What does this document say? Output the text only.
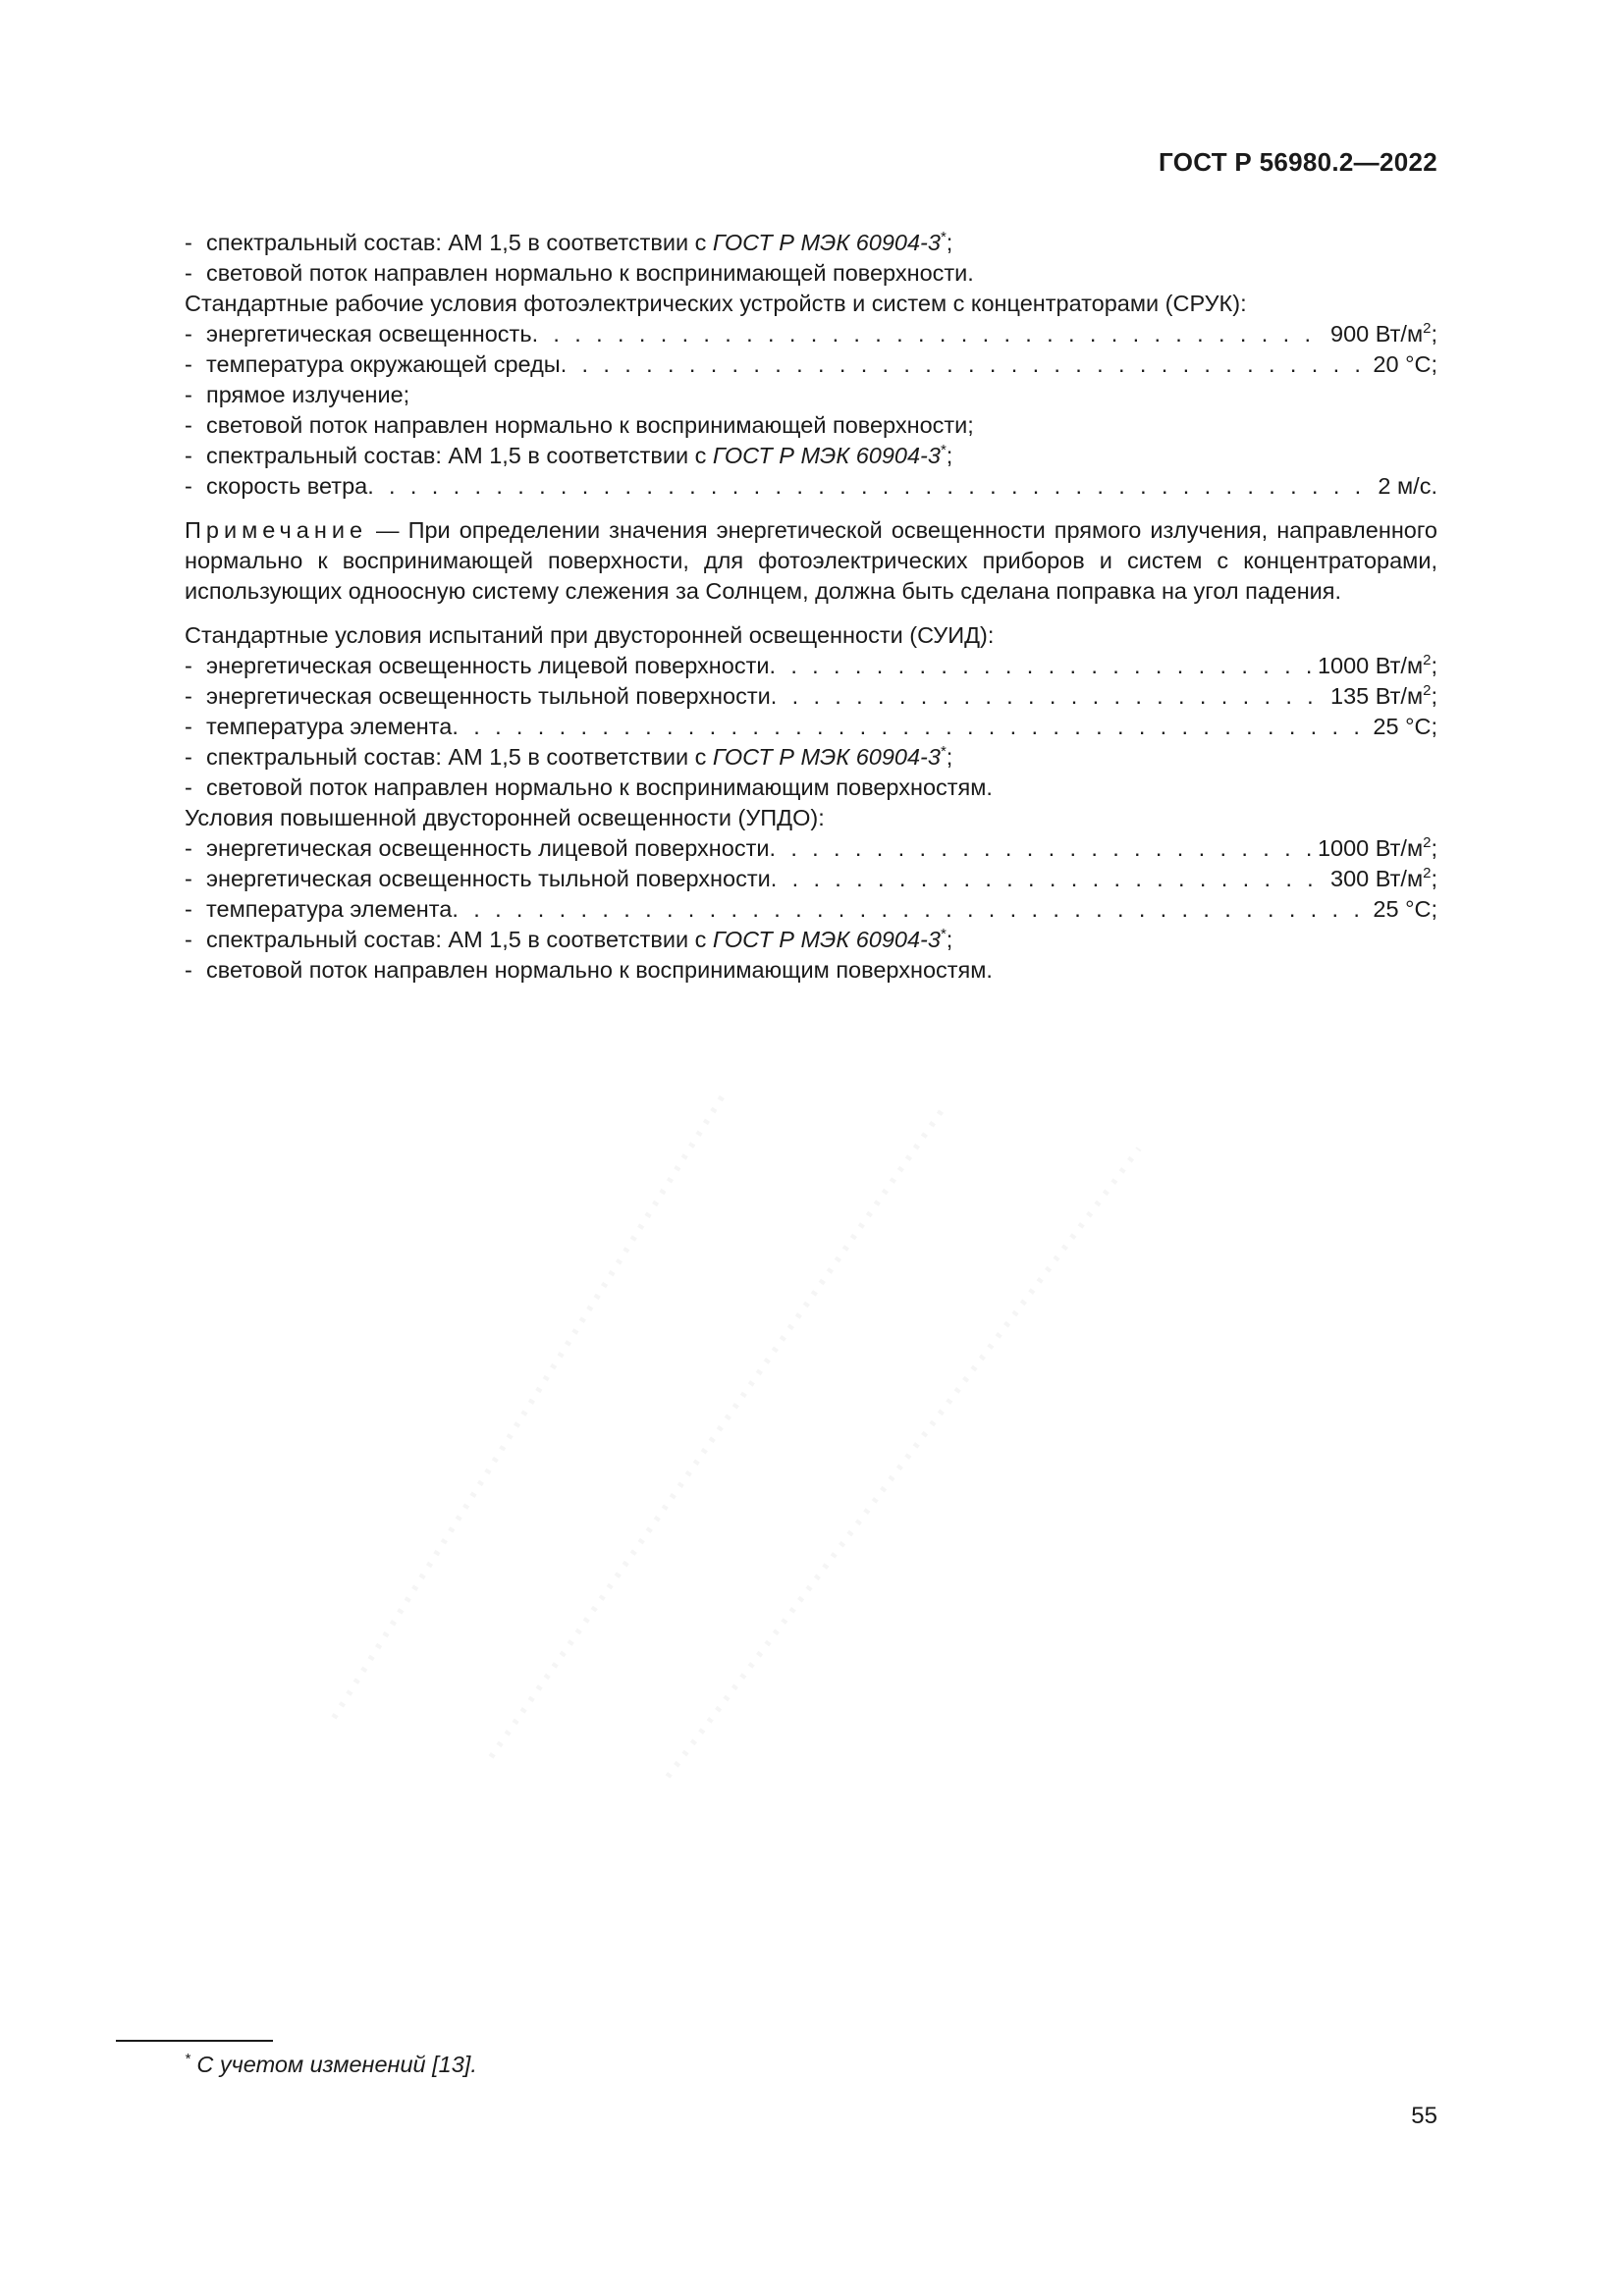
ГОСТ Р 56980.2—2022
-спектральный состав: АМ 1,5 в соответствии с ГОСТ Р МЭК 60904-3*;
-световой поток направлен нормально к воспринимающей поверхности.
Стандартные рабочие условия фотоэлектрических устройств и систем с концентраторами (СРУК):
- энергетическая освещенность . . .	900 $Вт/м^2$;
- температура окружающей среды . . .	20 °C;
- прямое излучение;
- световой поток направлен нормально к воспринимающей поверхности;
- спектральный состав: АМ 1,5 в соответствии с ГОСТ Р МЭК 60904-3*;
- скорость ветра . . .	2 м/с.
Примечание — При определении значения энергетической освещенности прямого излучения, направленного нормально к воспринимающей поверхности, для фотоэлектрических приборов и систем с концентраторами, использующих одноосную систему слежения за Солнцем, должна быть сделана поправка на угол падения.
Стандартные условия испытаний при двусторонней освещенности (СУИД):
- энергетическая освещенность лицевой поверхности . . .	1000 $Вт/м^2$;
- энергетическая освещенность тыльной поверхности . . .	135 $Вт/м^2$;
- температура элемента . . .	25 °C;
- спектральный состав: АМ 1,5 в соответствии с ГОСТ Р МЭК 60904-3*;
- световой поток направлен нормально к воспринимающим поверхностям.
Условия повышенной двусторонней освещенности (УПДО):
- энергетическая освещенность лицевой поверхности . . .	1000 $Вт/м^2$;
- энергетическая освещенность тыльной поверхности . . .	300 $Вт/м^2$;
- температура элемента . . .	25 °C;
- спектральный состав: АМ 1,5 в соответствии с ГОСТ Р МЭК 60904-3*;
- световой поток направлен нормально к воспринимающим поверхностям.
* С учетом изменений [13].
55
